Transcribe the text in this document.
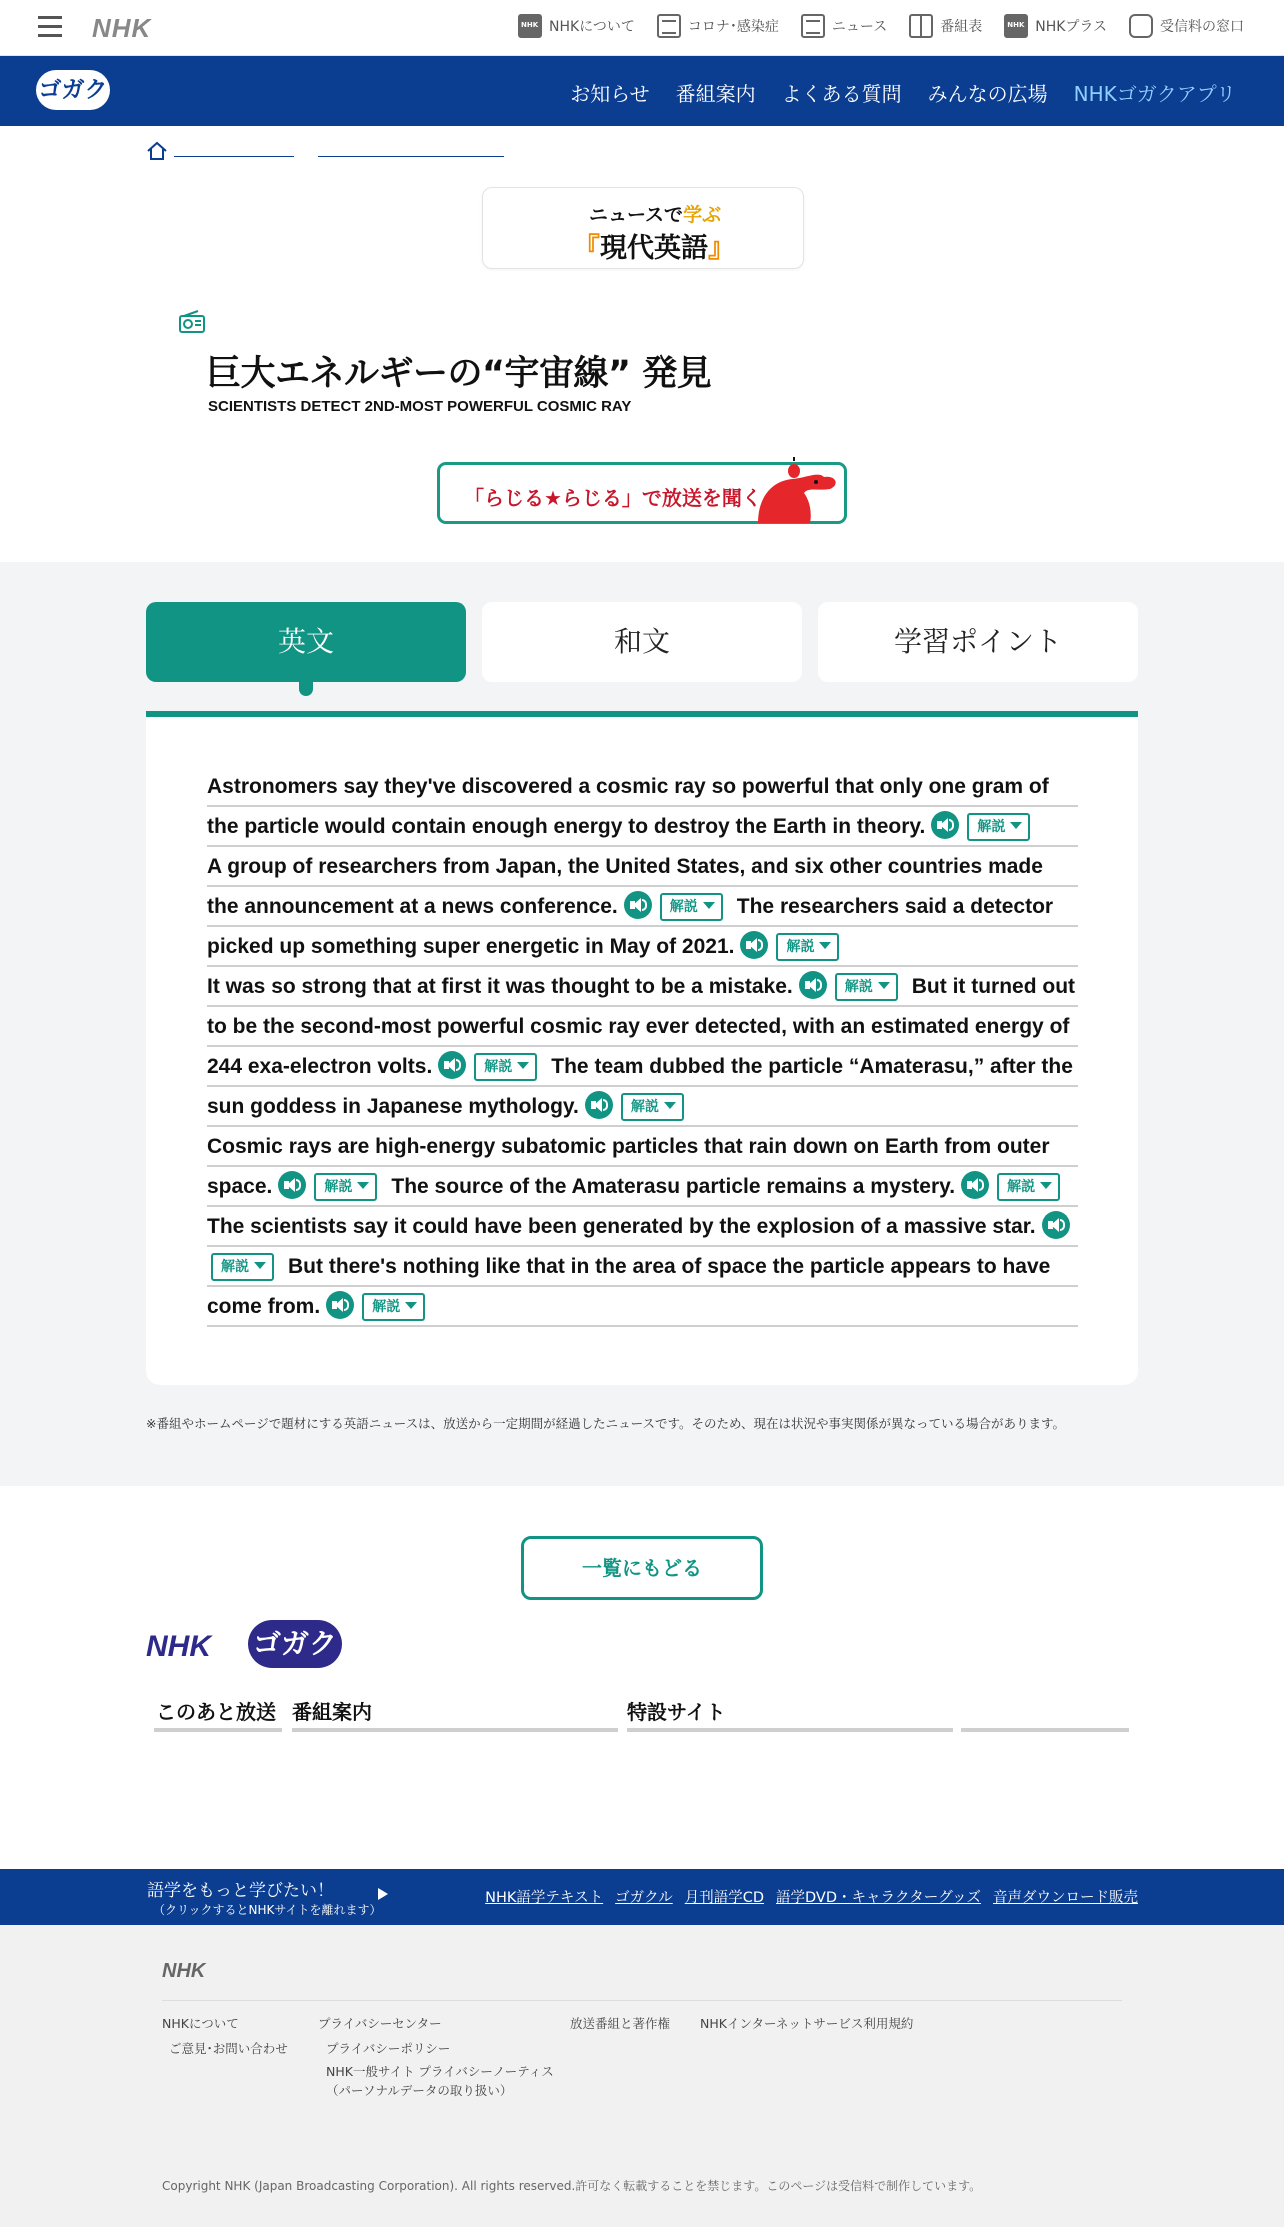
NHK NHK	NHKについて	コロナ･感染症	ニュース	番組表 NHK	NHKプラス	受信料の窓口
ゴガク	お知らせ 番組案内 よくある質問 みんなの広場 NHKゴガクアプリ
ニュースで学ぶ
『現代英語』
巨大エネルギーの“宇宙線” 発見
SCIENTISTS DETECT 2ND-MOST POWERFUL COSMIC RAY
「らじる★らじる」で放送を聞く
英文	和文	学習ポイント
Astronomers say they've discovered a cosmic ray so powerful that only one gram of the particle would contain enough energy to destroy the Earth in theory.	解説
A group of researchers from Japan, the United States, and six other countries made the announcement at a news conference.	解説 The researchers said a detector picked up something super energetic in May of 2021.	解説
It was so strong that at first it was thought to be a mistake.	解説 But it turned out to be the second-most powerful cosmic ray ever detected, with an estimated energy of 244 exa-electron volts.	解説 The team dubbed the particle “Amaterasu,” after the sun goddess in Japanese mythology.	解説
Cosmic rays are high-energy subatomic particles that rain down on Earth from outer space.	解説 The source of the Amaterasu particle remains a mystery.	解説The scientists say it could have been generated by the explosion of a massive star.
解説 But there's nothing like that in the area of space the particle appears to have come from.	解説
※番組やホームページで題材にする英語ニュースは、放送から一定期間が経過したニュースです。そのため、現在は状況や事実関係が異なっている場合があります。
一覧にもどる
NHK ゴガク
このあと放送 番組案内	特設サイト
語学をもっと学びたい！
（クリックするとNHKサイトを離れます）
NHK語学テキスト ゴガクル 月刊語学CD 語学DVD・キャラクターグッズ 音声ダウンロード販売
NHK
NHKについて
ご意見･お問い合わせ
プライバシーセンター
プライバシーポリシー
NHK一般サイト プライバシーノーティス
（パーソナルデータの取り扱い）
放送番組と著作権 NHKインターネットサービス利用規約
Copyright NHK (Japan Broadcasting Corporation). All rights reserved.許可なく転載することを禁じます。このページは受信料で制作しています。
